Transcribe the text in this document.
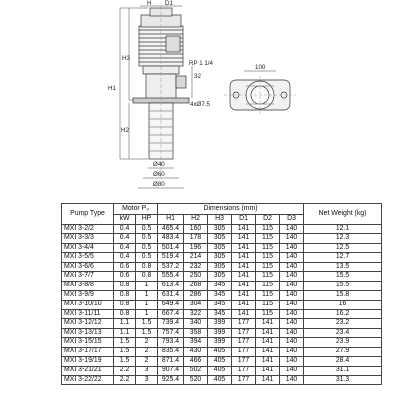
H D1
H3
RP 1 1/4
32
H1
H2
4xØ7.5
Ø40
Ø60
Ø80
100
Pump Type	Motor P₂		Dimensions (mm)						Net Weight (kg)
	kW	HP	H1	H2	H3	D1	D2	D3	
MXI 3-2/2	0.4	0.5	465.4	160	305	141	115	140	12.1
MXI 3-3/3	0.4	0.5	483.4	178	305	141	115	140	12.3
MXI 3-4/4	0.4	0.5	501.4	196	305	141	115	140	12.5
MXI 3-5/5	0.4	0.5	519.4	214	305	141	115	140	12.7
MXI 3-6/6	0.6	0.8	537.2	232	305	141	115	140	13.5
MXI 3-7/7	0.6	0.8	555.4	250	305	141	115	140	15.5
MXI 3-8/8	0.8	1	613.4	268	345	141	115	140	15.5
MXI 3-9/9	0.8	1	631.4	286	345	141	115	140	15.8
MXI 3-10/10	0.8	1	649.4	304	345	141	115	140	16
MXI 3-11/11	0.8	1	667.4	322	345	141	115	140	16.2
MXI 3-12/12	1.1	1.5	739.4	340	399	177	141	140	23.2
MXI 3-13/13	1.1	1.5	757.4	358	399	177	141	140	23.4
MXI 3-15/15	1.5	2	793.4	394	399	177	141	140	23.9
MXI 3-17/17	1.5	2	835.4	430	405	177	141	140	27.9
MXI 3-19/19	1.5	2	871.4	466	405	177	141	140	28.4
MXI 3-21/21	2.2	3	907.4	502	405	177	141	140	31.1
MXI 3-22/22	2.2	3	925.4	520	405	177	141	140	31.3
